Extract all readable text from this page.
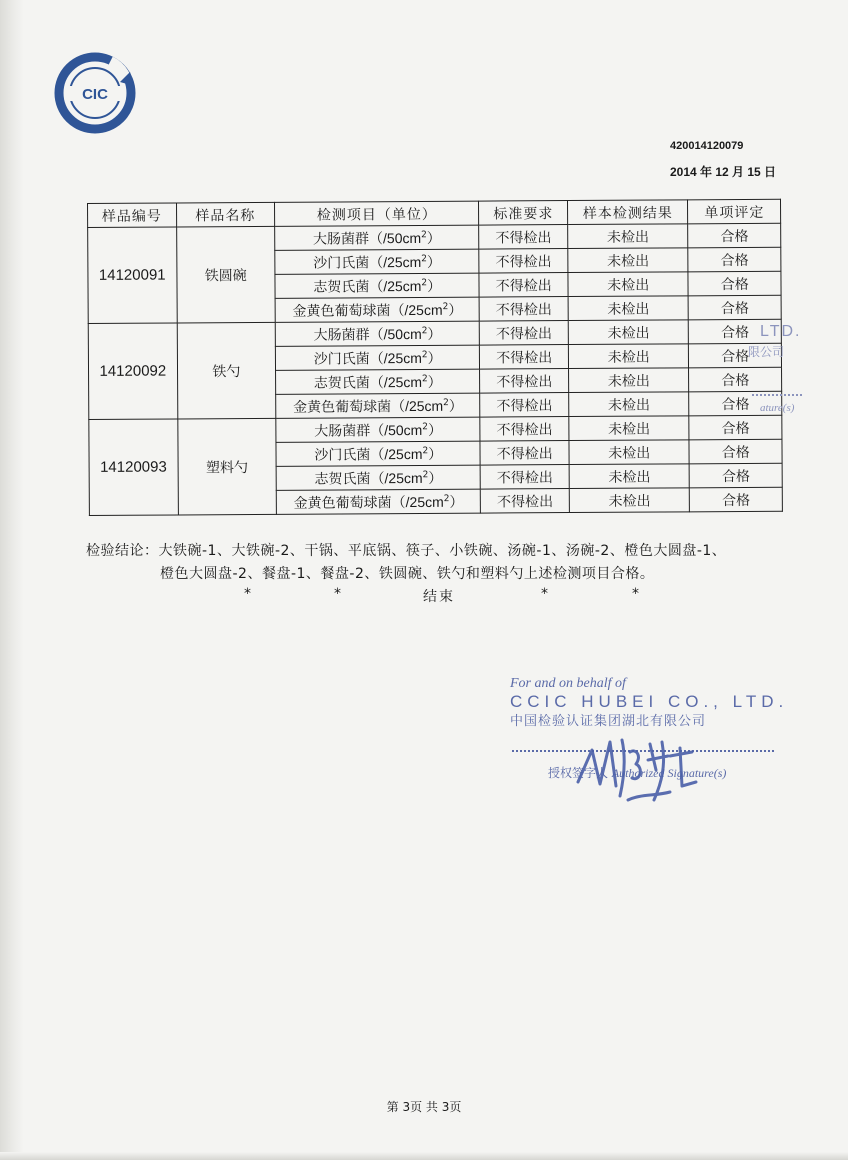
CIC
420014120079
2014 年 12 月 15 日
样品编号	样品名称	检测项目（单位）	标准要求	样本检测结果	单项评定
14120091	铁圆碗	大肠菌群$(/50cm^2)$	不得检出	未检出	合格
		沙门氏菌$(/25cm^2)$	不得检出	未检出	合格
		志贺氏菌$(/25cm^2)$	不得检出	未检出	合格
		金黄色葡萄球菌$(/25cm^2)$	不得检出	未检出	合格
14120092	铁勺	大肠菌群$(/50cm^2)$	不得检出	未检出	合格
		沙门氏菌$(/25cm^2)$	不得检出	未检出	合格
		志贺氏菌$(/25cm^2)$	不得检出	未检出	合格
		金黄色葡萄球菌$(/25cm^2)$	不得检出	未检出	合格
14120093	塑料勺	大肠菌群$(/50cm^2)$	不得检出	未检出	合格
		沙门氏菌$(/25cm^2)$	不得检出	未检出	合格
		志贺氏菌$(/25cm^2)$	不得检出	未检出	合格
		金黄色葡萄球菌$(/25cm^2)$	不得检出	未检出	合格
检验结论：大铁碗-1、大铁碗-2、干锅、平底锅、筷子、小铁碗、汤碗-1、汤碗-2、橙色大圆盘-1、
橙色大圆盘-2、餐盘-1、餐盘-2、铁圆碗、铁勺和塑料勺上述检测项目合格。
*	*	结束	*	*
LTD.
限公司
ature(s)
For and on behalf of
CCIC HUBEI CO., LTD.
中国检验认证集团湖北有限公司
授权签字人 Authorized Signature(s)
第 3页 共 3页
